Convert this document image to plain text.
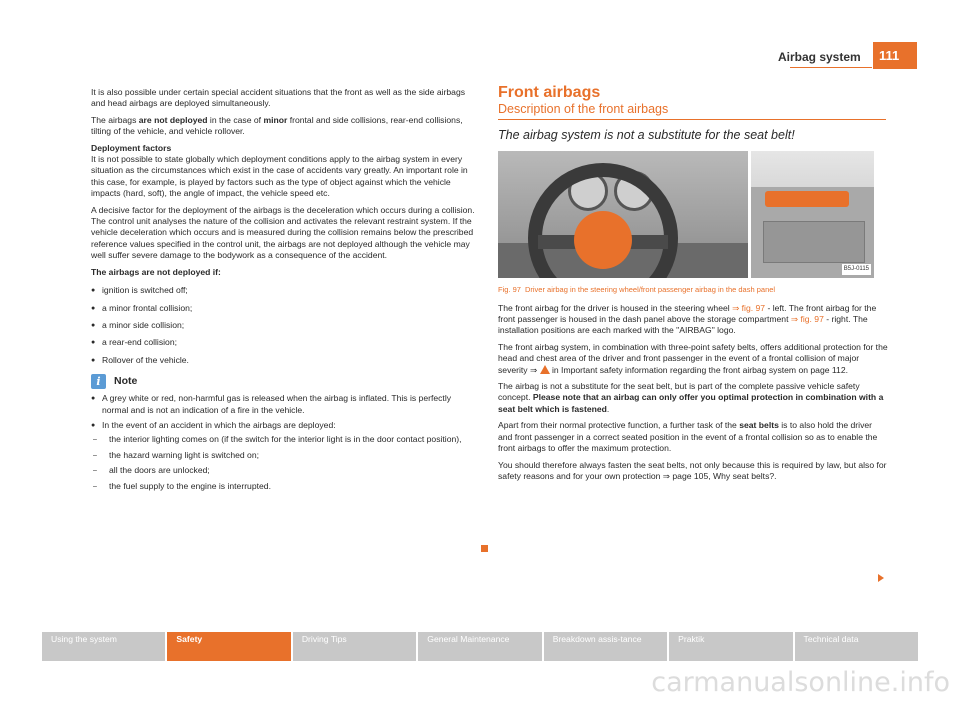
Airbag system	111

It is also possible under certain special accident situations that the front as well as the side airbags and head airbags are deployed simultaneously.

The airbags are not deployed in the case of minor frontal and side collisions, rear-end collisions, tilting of the vehicle, and vehicle rollover.

Deployment factors

It is not possible to state globally which deployment conditions apply to the airbag system in every situation as the circumstances which exist in the case of accidents vary greatly. An important role in this case, for example, is played by factors such as the type of object against which the vehicle impacts (hard, soft), the angle of impact, the vehicle speed etc.

A decisive factor for the deployment of the airbags is the deceleration which occurs during a collision. The control unit analyses the nature of the collision and activates the relevant restraint system. If the vehicle deceleration which occurs and is measured during the collision remains below the prescribed reference values specified in the control unit, the airbags are not deployed although the vehicle may well suffer severe damage to the bodywork as a consequence of the accident.

The airbags are not deployed if:

● ignition is switched off;
● a minor frontal collision;
● a minor side collision;
● a rear-end collision;
● Rollover of the vehicle.
i	Note
● A grey white or red, non-harmful gas is released when the airbag is inflated. This is perfectly normal and is not an indication of a fire in the vehicle.
● In the event of an accident in which the airbags are deployed:
– the interior lighting comes on (if the switch for the interior light is in the door contact position),
– the hazard warning light is switched on;
– all the doors are unlocked;
– the fuel supply to the engine is interrupted.
Front airbags
Description of the front airbags
The airbag system is not a substitute for the seat belt!
B5J-0115
Fig. 97 Driver airbag in the steering wheel/front passenger airbag in the dash panel

The front airbag for the driver is housed in the steering wheel ⇒ fig. 97 - left. The front airbag for the front passenger is housed in the dash panel above the storage compartment ⇒ fig. 97 - right. The installation positions are each marked with the "AIRBAG" logo.

The front airbag system, in combination with three-point safety belts, offers additional protection for the head and chest area of the driver and front passenger in the event of a frontal collision of major severity ⇒  in Important safety information regarding the front airbag system on page 112.

The airbag is not a substitute for the seat belt, but is part of the complete passive vehicle safety concept. Please note that an airbag can only offer you optimal protection in combination with a seat belt which is fastened.

Apart from their normal protective function, a further task of the seat belts is to also hold the driver and front passenger in a correct seated position in the event of a frontal collision so as to enable the front airbags to offer the maximum protection.

You should therefore always fasten the seat belts, not only because this is required by law, but also for safety reasons and for your own protection ⇒ page 105, Why seat belts?.

Using the system	Safety	Driving Tips	General Maintenance	Breakdown assis-tance	Praktik	Technical data
carmanualsonline.info
